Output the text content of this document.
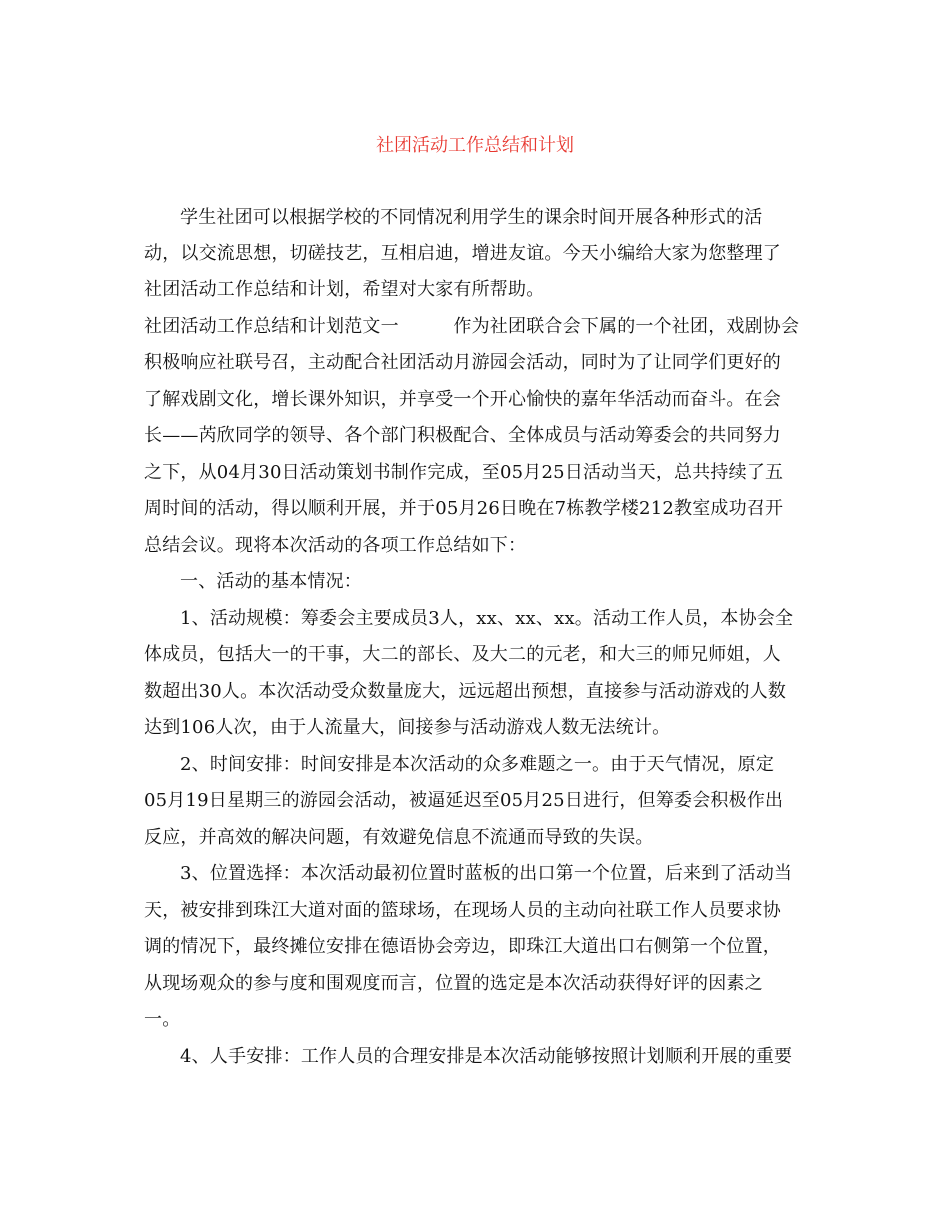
社团活动工作总结和计划
学生社团可以根据学校的不同情况利用学生的课余时间开展各种形式的活
动，以交流思想，切磋技艺，互相启迪，增进友谊。今天小编给大家为您整理了
社团活动工作总结和计划，希望对大家有所帮助。
社团活动工作总结和计划范文一　　　作为社团联合会下属的一个社团，戏剧协会
积极响应社联号召，主动配合社团活动月游园会活动，同时为了让同学们更好的
了解戏剧文化，增长课外知识，并享受一个开心愉快的嘉年华活动而奋斗。在会
长——芮欣同学的领导、各个部门积极配合、全体成员与活动筹委会的共同努力
之下，从04月30日活动策划书制作完成，至05月25日活动当天，总共持续了五
周时间的活动，得以顺利开展，并于05月26日晚在7栋教学楼212教室成功召开
总结会议。现将本次活动的各项工作总结如下：
一、活动的基本情况：
1、活动规模：筹委会主要成员3人，xx、xx、xx。活动工作人员，本协会全
体成员，包括大一的干事，大二的部长、及大二的元老，和大三的师兄师姐，人
数超出30人。本次活动受众数量庞大，远远超出预想，直接参与活动游戏的人数
达到106人次，由于人流量大，间接参与活动游戏人数无法统计。
2、时间安排：时间安排是本次活动的众多难题之一。由于天气情况，原定
05月19日星期三的游园会活动，被逼延迟至05月25日进行，但筹委会积极作出
反应，并高效的解决问题，有效避免信息不流通而导致的失误。
3、位置选择：本次活动最初位置时蓝板的出口第一个位置，后来到了活动当
天，被安排到珠江大道对面的篮球场，在现场人员的主动向社联工作人员要求协
调的情况下，最终摊位安排在德语协会旁边，即珠江大道出口右侧第一个位置，
从现场观众的参与度和围观度而言，位置的选定是本次活动获得好评的因素之
一。
4、人手安排：工作人员的合理安排是本次活动能够按照计划顺利开展的重要
